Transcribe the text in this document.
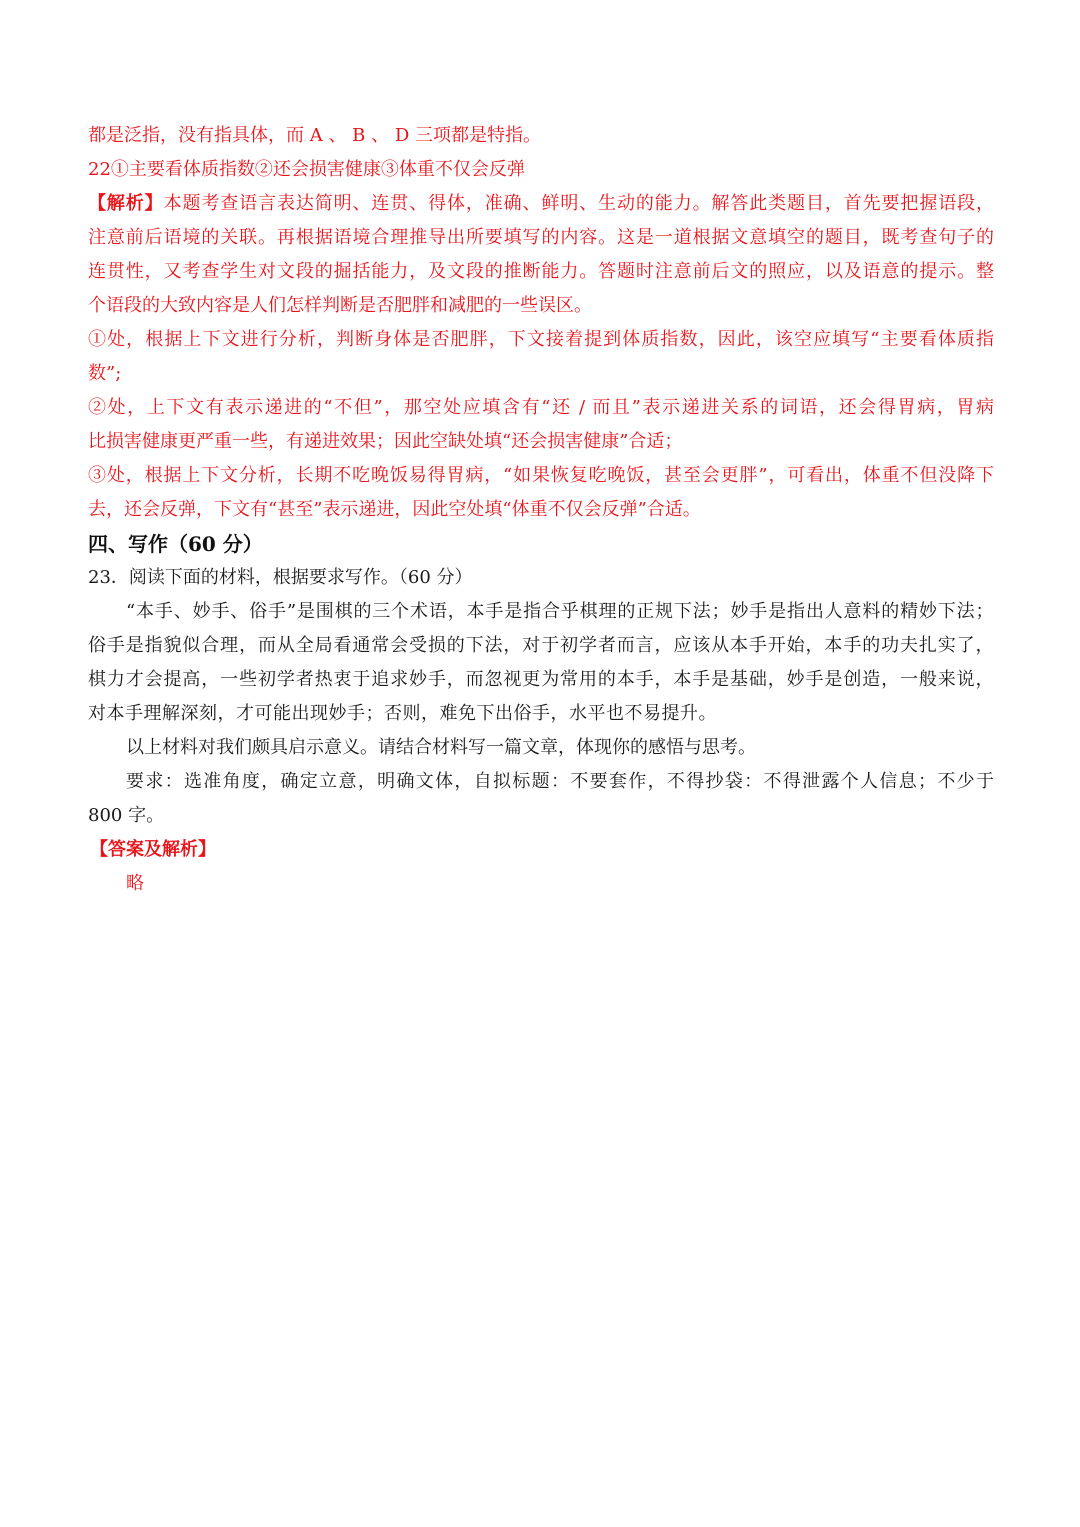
都是泛指，没有指具体，而 A 、 B 、 D 三项都是特指。
22①主要看体质指数②还会损害健康③体重不仅会反弹
【解析】本题考查语言表达简明、连贯、得体，准确、鲜明、生动的能力。解答此类题目，首先要把握语段，
注意前后语境的关联。再根据语境合理推导出所要填写的内容。这是一道根据文意填空的题目，既考查句子的
连贯性，又考查学生对文段的掘括能力，及文段的推断能力。答题时注意前后文的照应，以及语意的提示。整
个语段的大致内容是人们怎样判断是否肥胖和减肥的一些误区。
①处，根据上下文进行分析，判断身体是否肥胖，下文接着提到体质指数，因此，该空应填写“主要看体质指
数”;
②处，上下文有表示递进的“不但”，那空处应填含有“还 / 而且”表示递进关系的词语，还会得胃病，胃病
比损害健康更严重一些，有递进效果；因此空缺处填“还会损害健康”合适；
③处，根据上下文分析，长期不吃晚饭易得胃病，“如果恢复吃晚饭，甚至会更胖”，可看出，体重不但没降下
去，还会反弹，下文有“甚至”表示递进，因此空处填“体重不仅会反弹”合适。
四、写作（60 分）
23．阅读下面的材料，根据要求写作。（60 分）
“本手、妙手、俗手”是围棋的三个术语，本手是指合乎棋理的正规下法；妙手是指出人意料的精妙下法；
俗手是指貌似合理，而从全局看通常会受损的下法，对于初学者而言，应该从本手开始，本手的功夫扎实了，
棋力才会提高，一些初学者热衷于追求妙手，而忽视更为常用的本手，本手是基础，妙手是创造，一般来说，
对本手理解深刻，才可能出现妙手；否则，难免下出俗手，水平也不易提升。
以上材料对我们颇具启示意义。请结合材料写一篇文章，体现你的感悟与思考。
要求：选准角度，确定立意，明确文体，自拟标题：不要套作，不得抄袋：不得泄露个人信息；不少于
800 字。
【答案及解析】
略
